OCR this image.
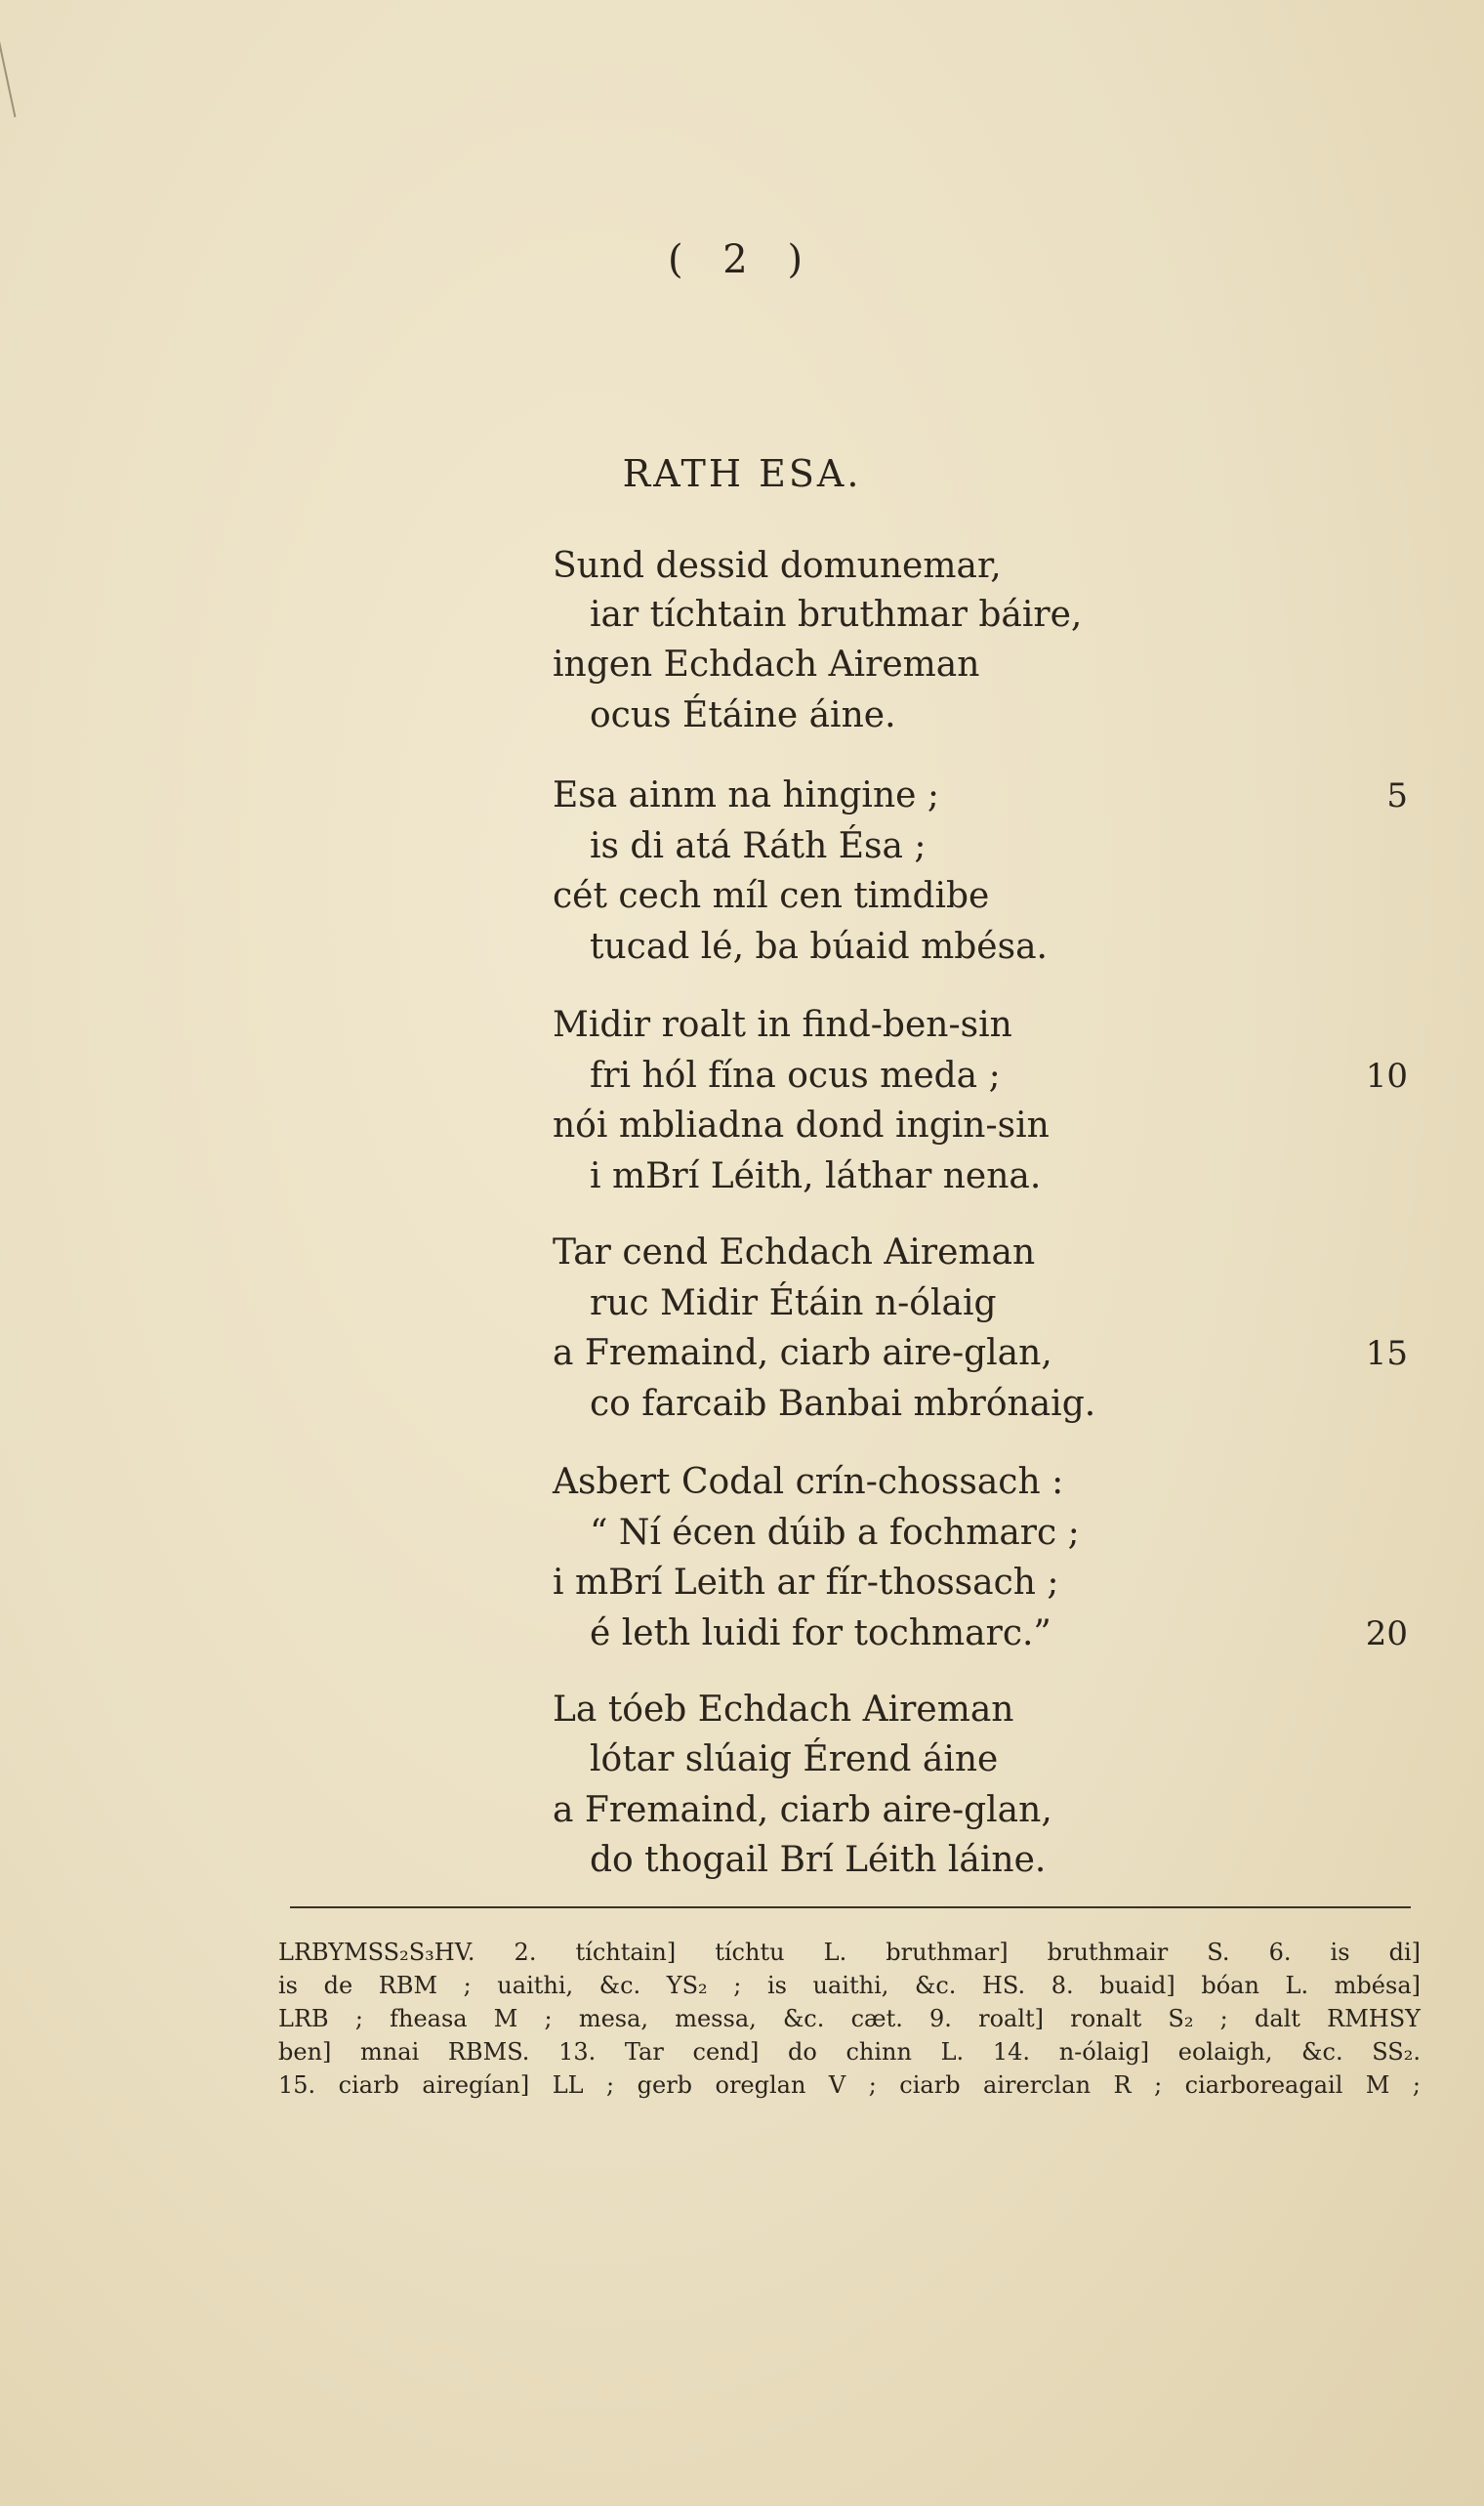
( 2 )
RATH ESA.
Sund dessid domunemar,
iar tíchtain bruthmar báire,
ingen Echdach Aireman
ocus Étáine áine.
Esa ainm na hingine ;
is di atá Ráth Ésa ;
cét cech míl cen timdibe
tucad lé, ba búaid mbésa.
Midir roalt in find-ben-sin
fri hól fína ocus meda ;
nói mbliadna dond ingin-sin
i mBrí Léith, láthar nena.
Tar cend Echdach Aireman
ruc Midir Étáin n-ólaig
a Fremaind, ciarb aire-glan,
co farcaib Banbai mbrónaig.
Asbert Codal crín-chossach :
“ Ní écen dúib a fochmarc ;
i mBrí Leith ar fír-thossach ;
é leth luidi for tochmarc.”
La tóeb Echdach Aireman
lótar slúaig Érend áine
a Fremaind, ciarb aire-glan,
do thogail Brí Léith láine.
5
10
15
20
LRBYMSS₂S₃HV. 2. tíchtain] tíchtu L. bruthmar] bruthmair S. 6. is di]
is de RBM ; uaithi, &c. YS₂ ; is uaithi, &c. HS. 8. buaid] bóan L. mbésa]
LRB ; fheasa M ; mesa, messa, &c. cæt. 9. roalt] ronalt S₂ ; dalt RMHSY
ben] mnai RBMS. 13. Tar cend] do chinn L. 14. n-ólaig] eolaigh, &c. SS₂.
15. ciarb airegían] LL ; gerb oreglan V ; ciarb airerclan R ; ciarboreagail M ;
